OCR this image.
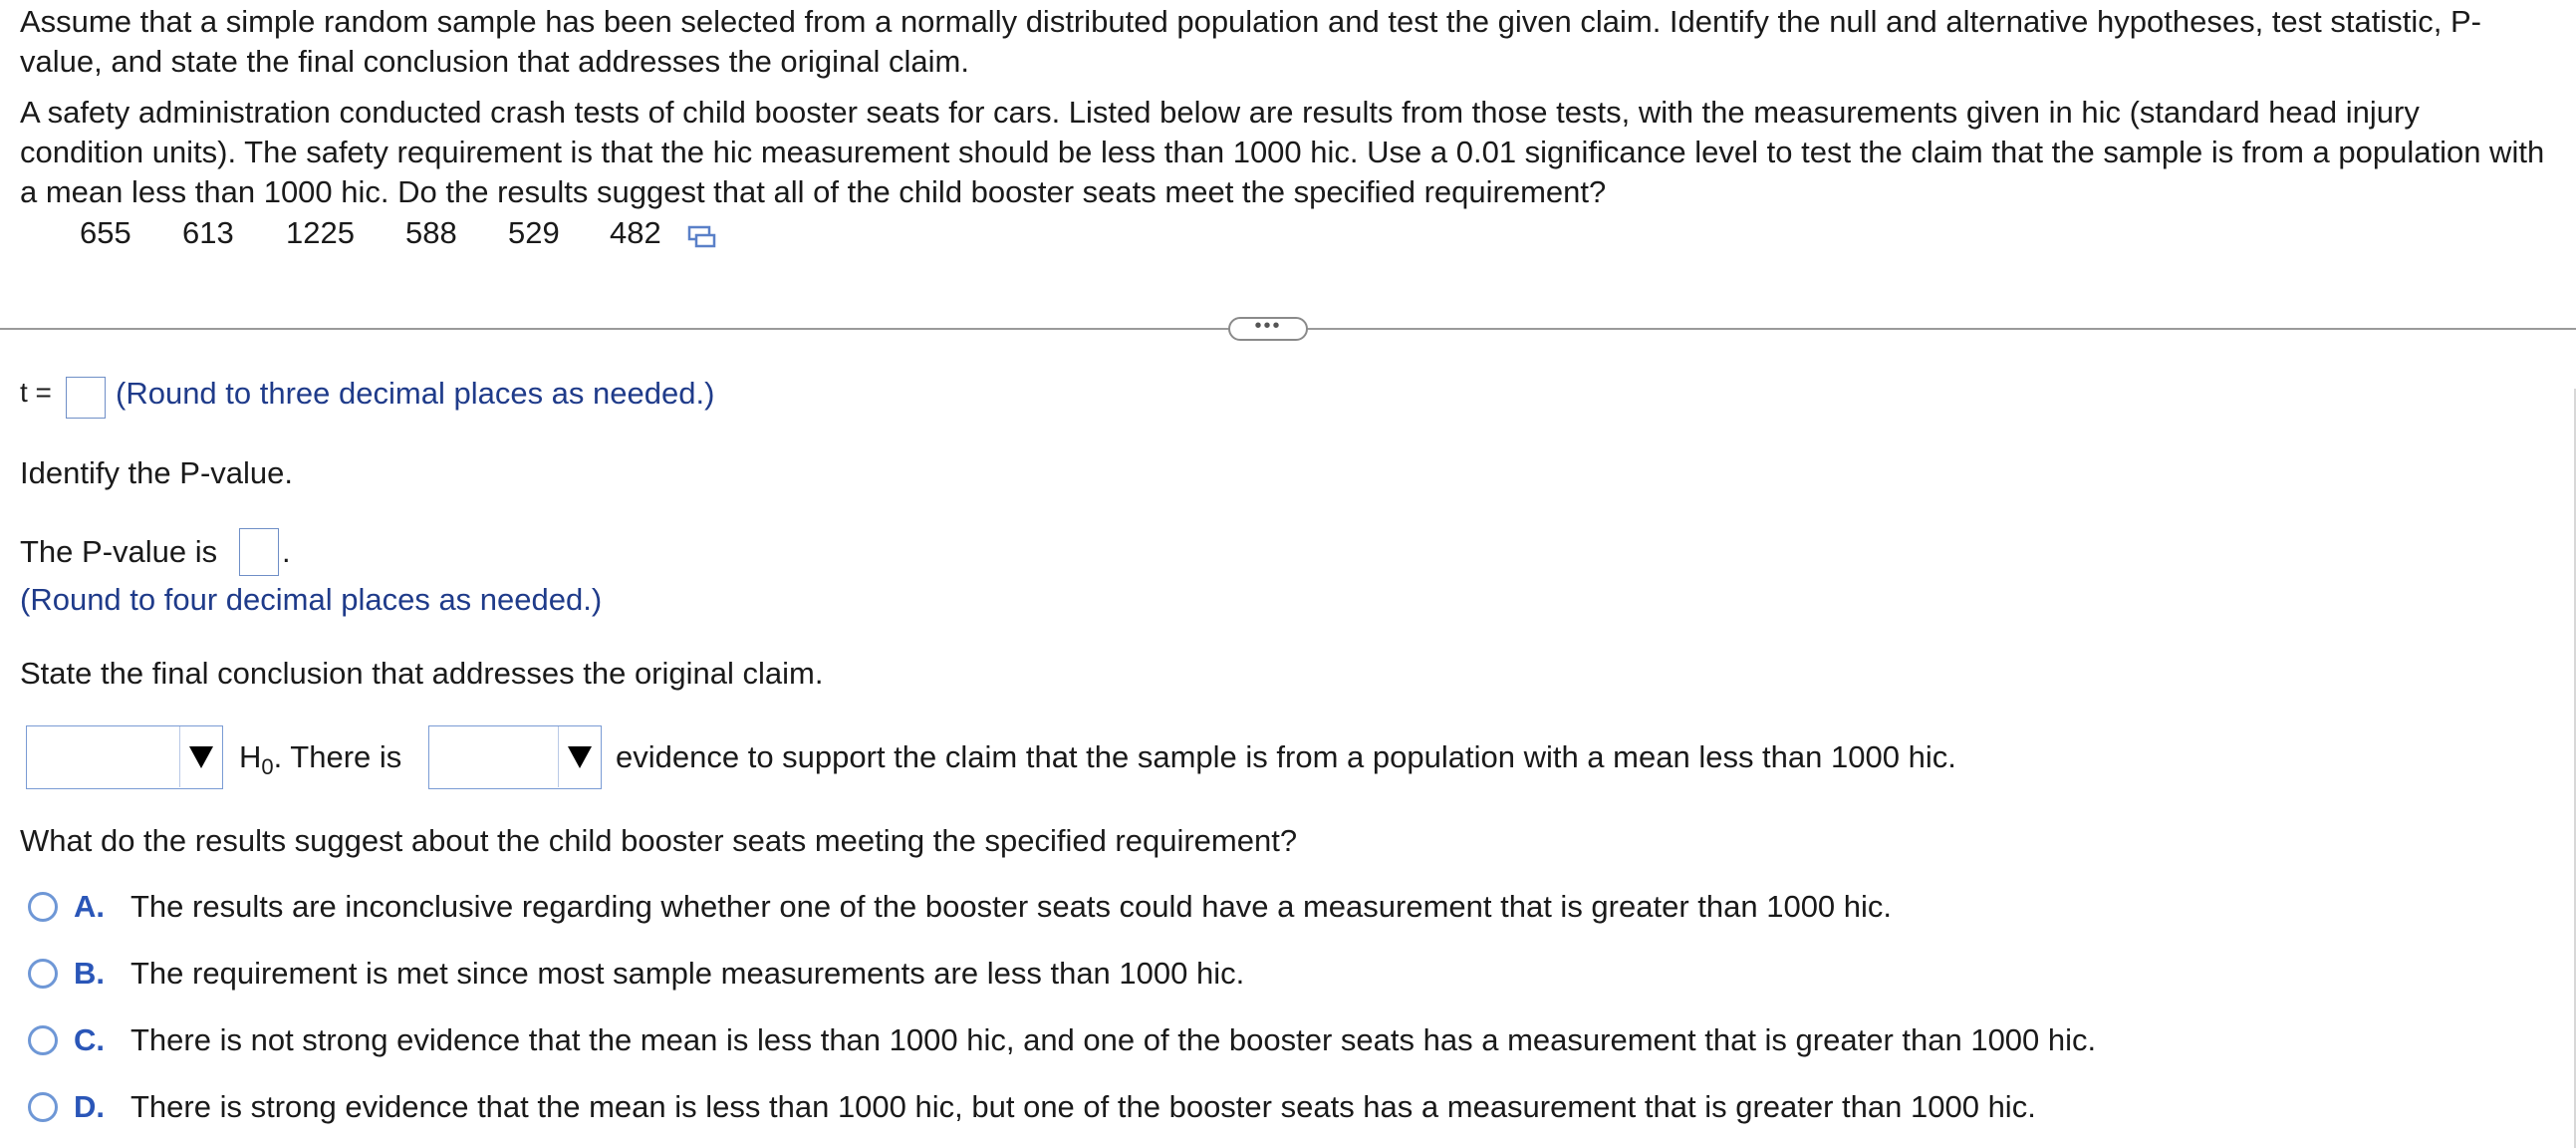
Assume that a simple random sample has been selected from a normally distributed population and test the given claim. Identify the null and alternative hypotheses, test statistic, P-value, and state the final conclusion that addresses the original claim.
A safety administration conducted crash tests of child booster seats for cars. Listed below are results from those tests, with the measurements given in hic (standard head injury condition units). The safety requirement is that the hic measurement should be less than 1000 hic. Use a 0.01 significance level to test the claim that the sample is from a population with a mean less than 1000 hic. Do the results suggest that all of the child booster seats meet the specified requirement?
655 613 1225 588 529 482
•••
t = (Round to three decimal places as needed.)
Identify the P-value.
The P-value is .
(Round to four decimal places as needed.)
State the final conclusion that addresses the original claim.
$H_0$. There is	evidence to support the claim that the sample is from a population with a mean less than 1000 hic.
What do the results suggest about the child booster seats meeting the specified requirement?
A. The results are inconclusive regarding whether one of the booster seats could have a measurement that is greater than 1000 hic.
B. The requirement is met since most sample measurements are less than 1000 hic.
C. There is not strong evidence that the mean is less than 1000 hic, and one of the booster seats has a measurement that is greater than 1000 hic.
D. There is strong evidence that the mean is less than 1000 hic, but one of the booster seats has a measurement that is greater than 1000 hic.
